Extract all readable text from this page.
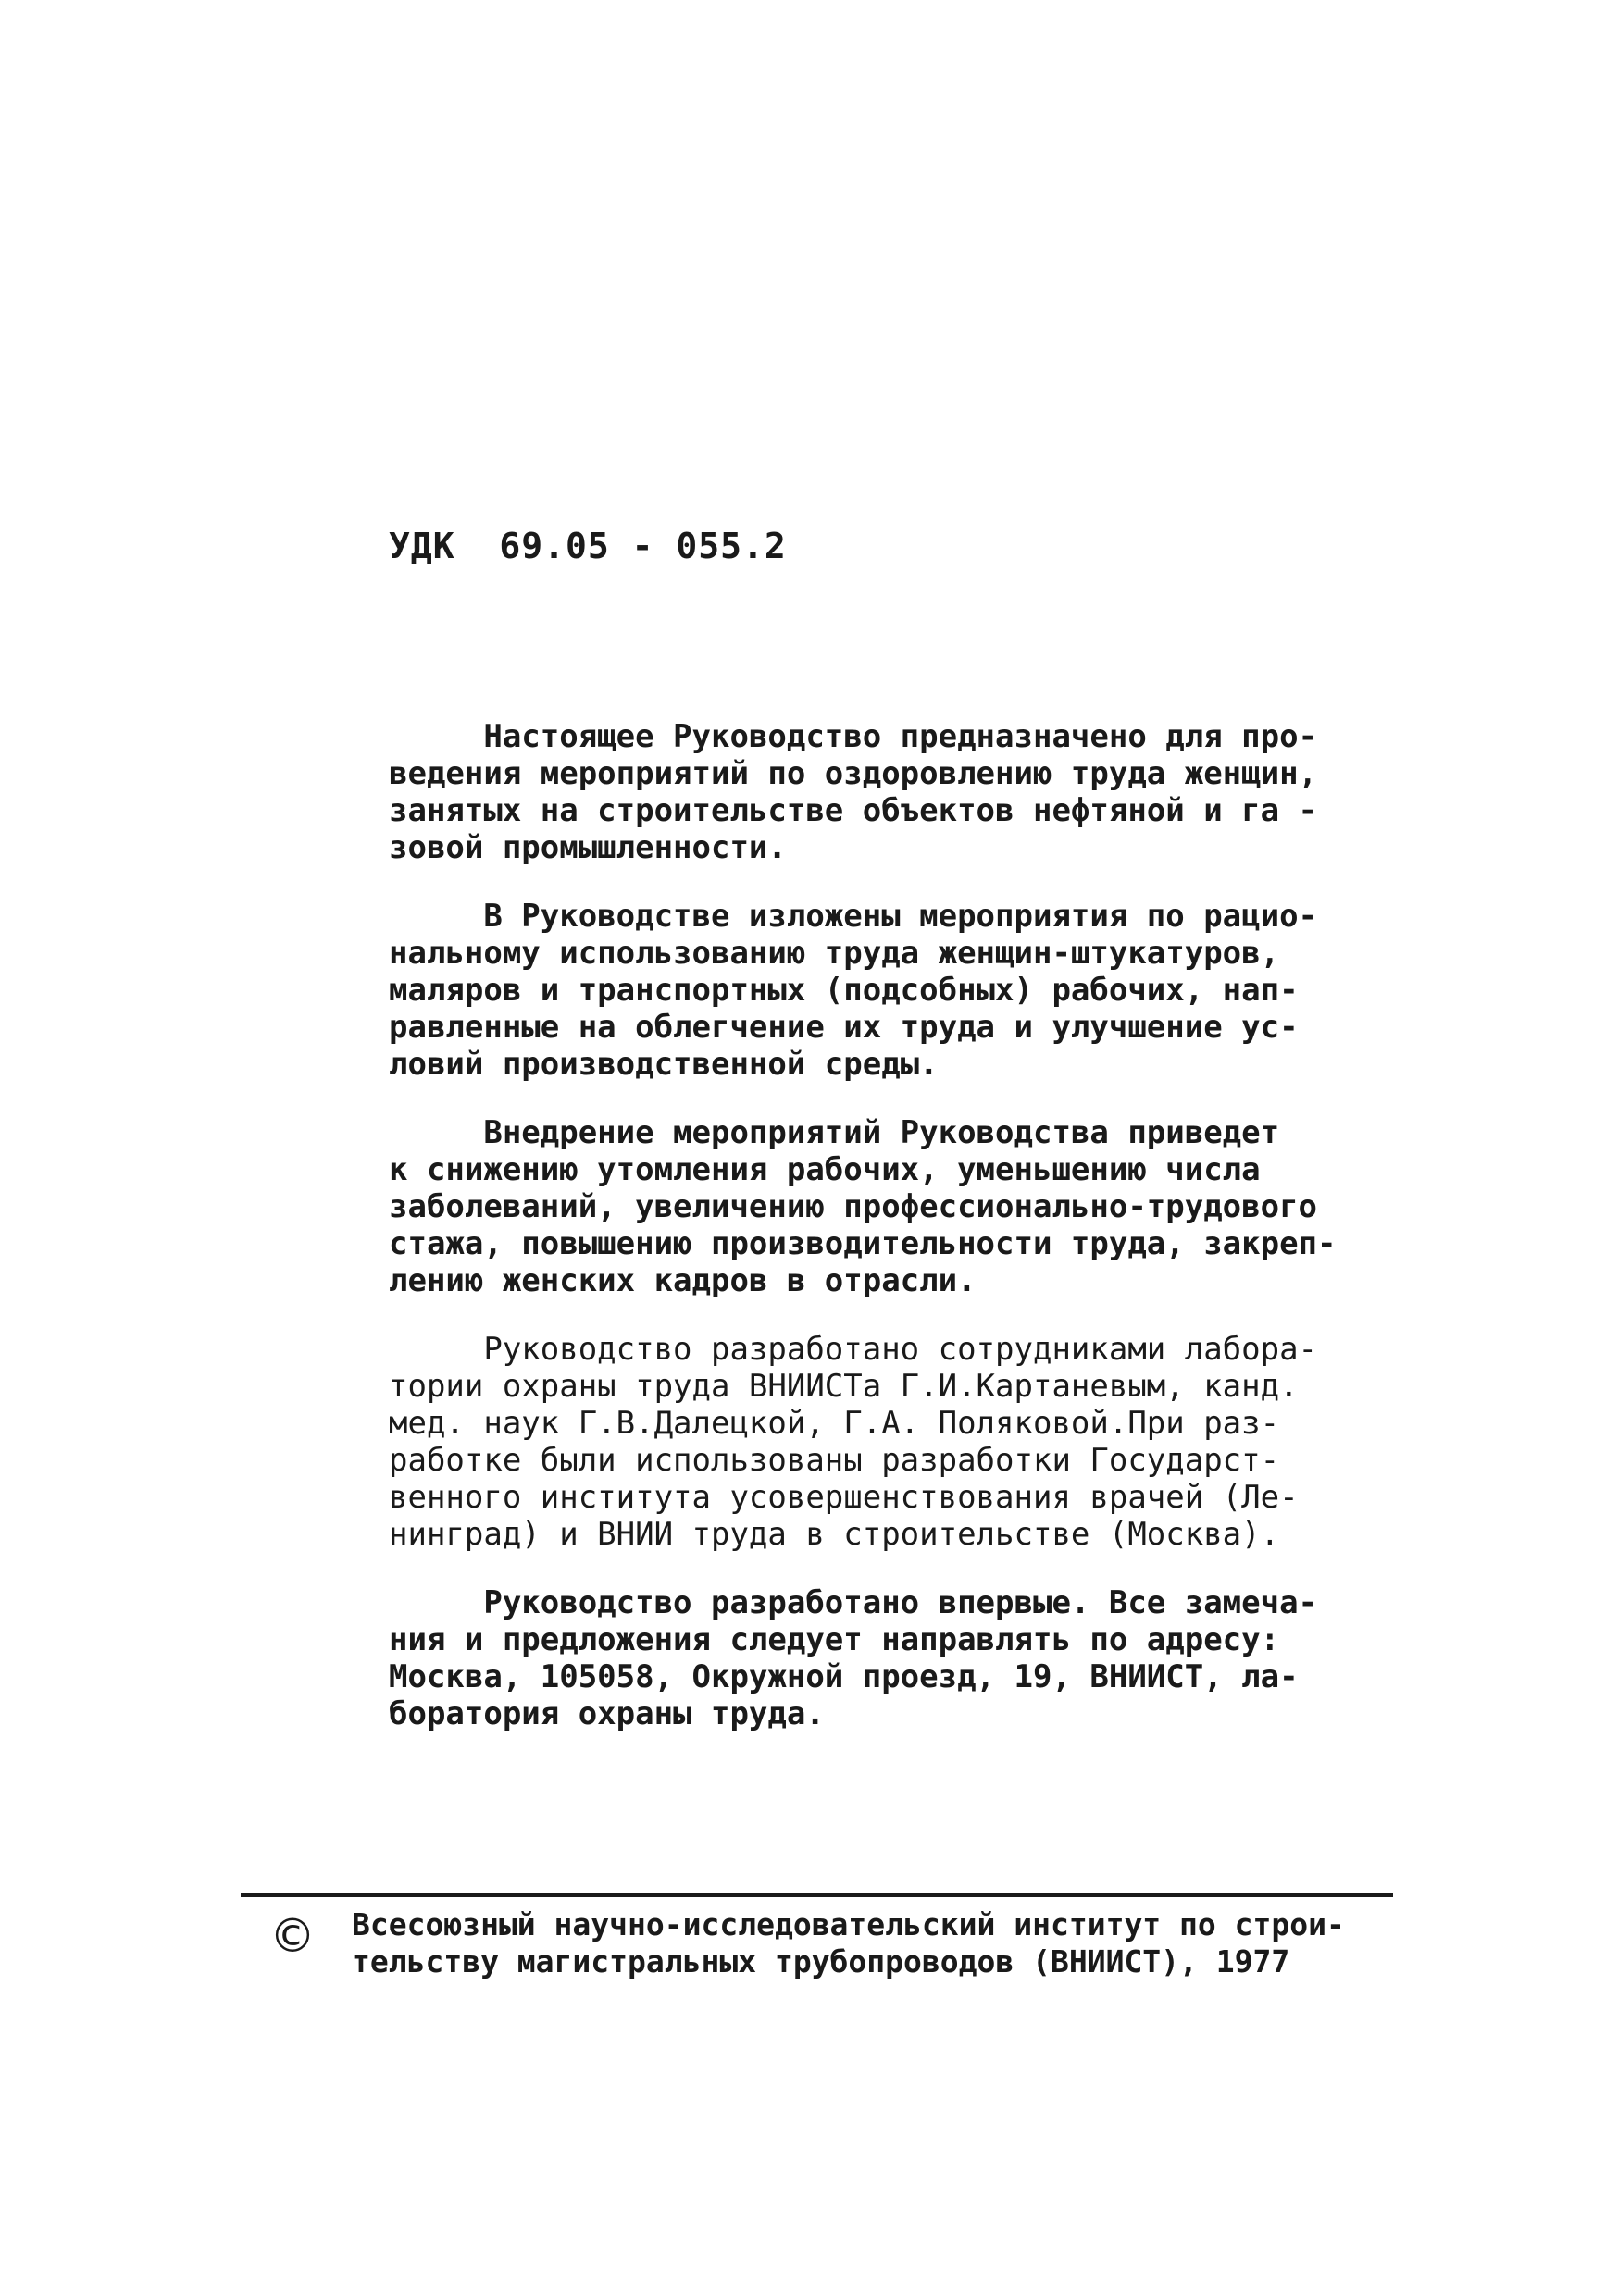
УДК  69.05 - 055.2
Настоящее Руководство предназначено для про-
ведения мероприятий по оздоровлению труда женщин,
занятых на строительстве объектов нефтяной и га -
зовой промышленности.
В Руководстве изложены мероприятия по рацио-
нальному использованию труда женщин-штукатуров,
маляров и транспортных (подсобных) рабочих, нап-
равленные на облегчение их труда и улучшение ус-
ловий производственной среды.
Внедрение мероприятий Руководства приведет
к снижению утомления рабочих, уменьшению числа
заболеваний, увеличению профессионально-трудового
стажа, повышению производительности труда, закреп-
лению женских кадров в отрасли.
Руководство разработано сотрудниками лабора-
тории охраны труда ВНИИСТа Г.И.Картаневым, канд.
мед. наук Г.В.Далецкой, Г.А. Поляковой.При раз-
работке были использованы разработки Государст-
венного института усовершенствования врачей (Ле-
нинград) и ВНИИ труда в строительстве (Москва).
Руководство разработано впервые. Все замеча-
ния и предложения следует направлять по адресу:
Москва, 105058, Окружной проезд, 19, ВНИИСТ, ла-
боратория охраны труда.
© Всесоюзный научно-исследовательский институт по строи-
тельству магистральных трубопроводов (ВНИИСТ), 1977
